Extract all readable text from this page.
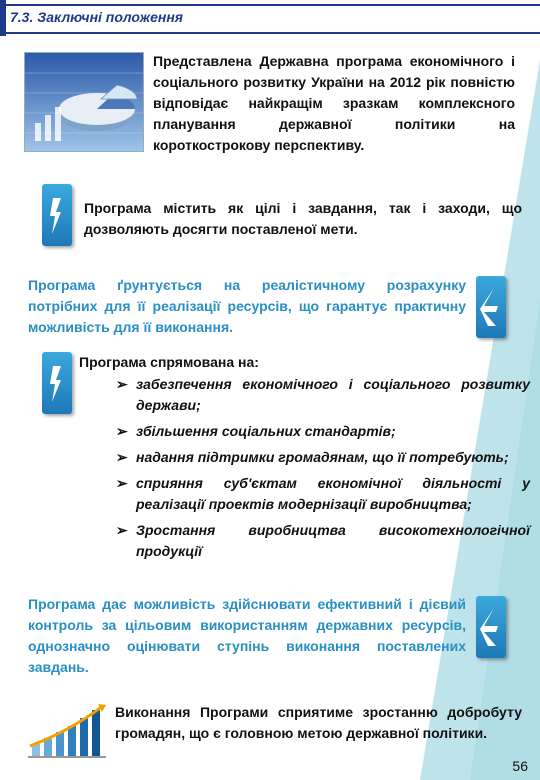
7.3. Заключні положення
Представлена Державна програма економічного і соціального розвитку України на 2012 рік повністю відповідає найкращім зразкам комплексного планування державної політики на короткострокову перспективу.
Програма містить як цілі і завдання, так і заходи, що дозволяють досягти поставленої мети.
Програма ґрунтується на реалістичному розрахунку потрібних для її реалізації ресурсів, що гарантує практичну можливість для її виконання.
Програма спрямована на:
➢ забезпечення економічного і соціального розвитку держави;
➢ збільшення соціальних стандартів;
➢ надання підтримки громадянам, що її потребують;
➢ сприяння суб'єктам економічної діяльності у реалізації проектів модернізації виробництва;
➢ Зростання виробництва високотехнологічної продукції
Програма дає можливість здійснювати ефективний і дієвий контроль за цільовим використанням державних ресурсів, однозначно оцінювати ступінь виконання поставлених завдань.
Виконання Програми сприятиме зростанню добробуту громадян, що є головною метою державної політики.
56
